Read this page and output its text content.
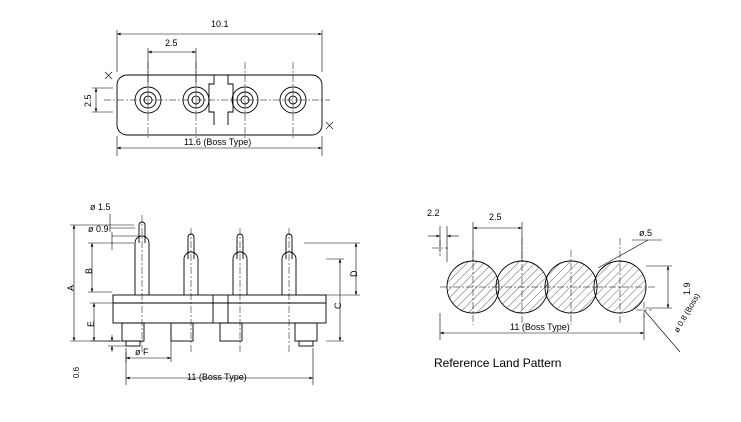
10.1
2.5
2.5
11.6 (Boss Type)
ø 1.5
ø 0.9
B
A
E
0.6
D
C
ø F
11 (Boss Type)
2.2	2.5
ø.5
1.9
ø 0.8 (Boss)
11 (Boss Type)
Reference Land Pattern
